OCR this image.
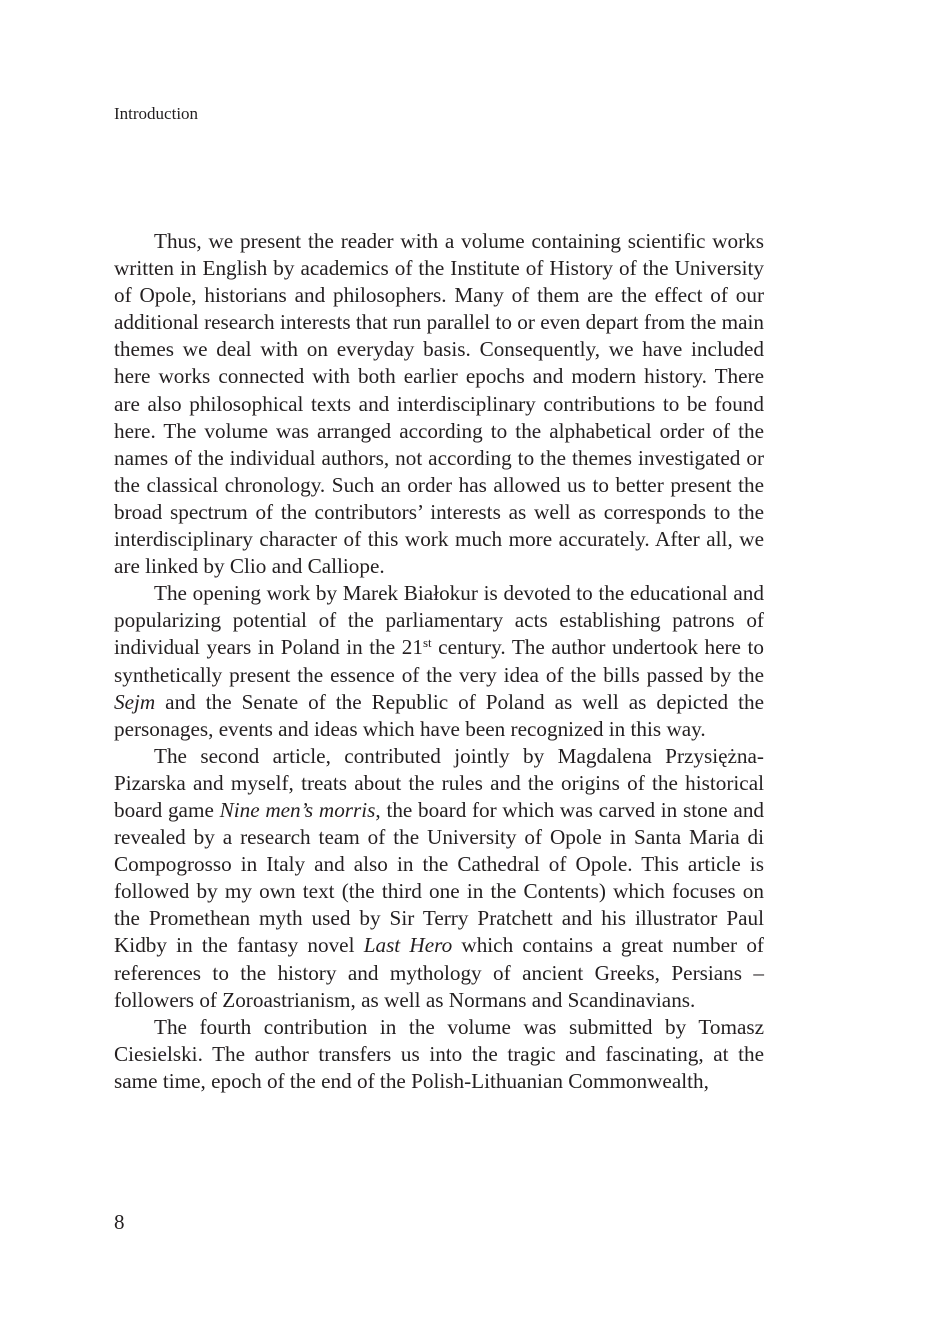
Introduction

Thus, we present the reader with a volume containing scientific works written in English by academics of the Institute of History of the University of Opole, historians and philosophers. Many of them are the effect of our additional research interests that run parallel to or even depart from the main themes we deal with on everyday basis. Consequently, we have included here works connected with both earlier epochs and modern history. There are also philosophical texts and interdisciplinary contributions to be found here. The volume was arranged according to the alphabetical order of the names of the individual authors, not according to the themes investigated or the classical chronology. Such an order has allowed us to better present the broad spectrum of the contributors’ interests as well as corresponds to the interdisciplinary character of this work much more accurately. After all, we are linked by Clio and Calliope.

The opening work by Marek Białokur is devoted to the educational and popularizing potential of the parliamentary acts establishing patrons of individual years in Poland in the 21st century. The author undertook here to synthetically present the essence of the very idea of the bills passed by the Sejm and the Senate of the Republic of Poland as well as depicted the personages, events and ideas which have been recognized in this way.

The second article, contributed jointly by Magdalena Przysiężna-Pizarska and myself, treats about the rules and the origins of the historical board game Nine men’s morris, the board for which was carved in stone and revealed by a research team of the University of Opole in Santa Maria di Compogrosso in Italy and also in the Cathedral of Opole. This article is followed by my own text (the third one in the Contents) which focuses on the Promethean myth used by Sir Terry Pratchett and his illustrator Paul Kidby in the fantasy novel Last Hero which contains a great number of references to the history and mythology of ancient Greeks, Persians – followers of Zoroastrianism, as well as Normans and Scandinavians.

The fourth contribution in the volume was submitted by Tomasz Ciesielski. The author transfers us into the tragic and fascinating, at the same time, epoch of the end of the Polish-Lithuanian Commonwealth,

8
